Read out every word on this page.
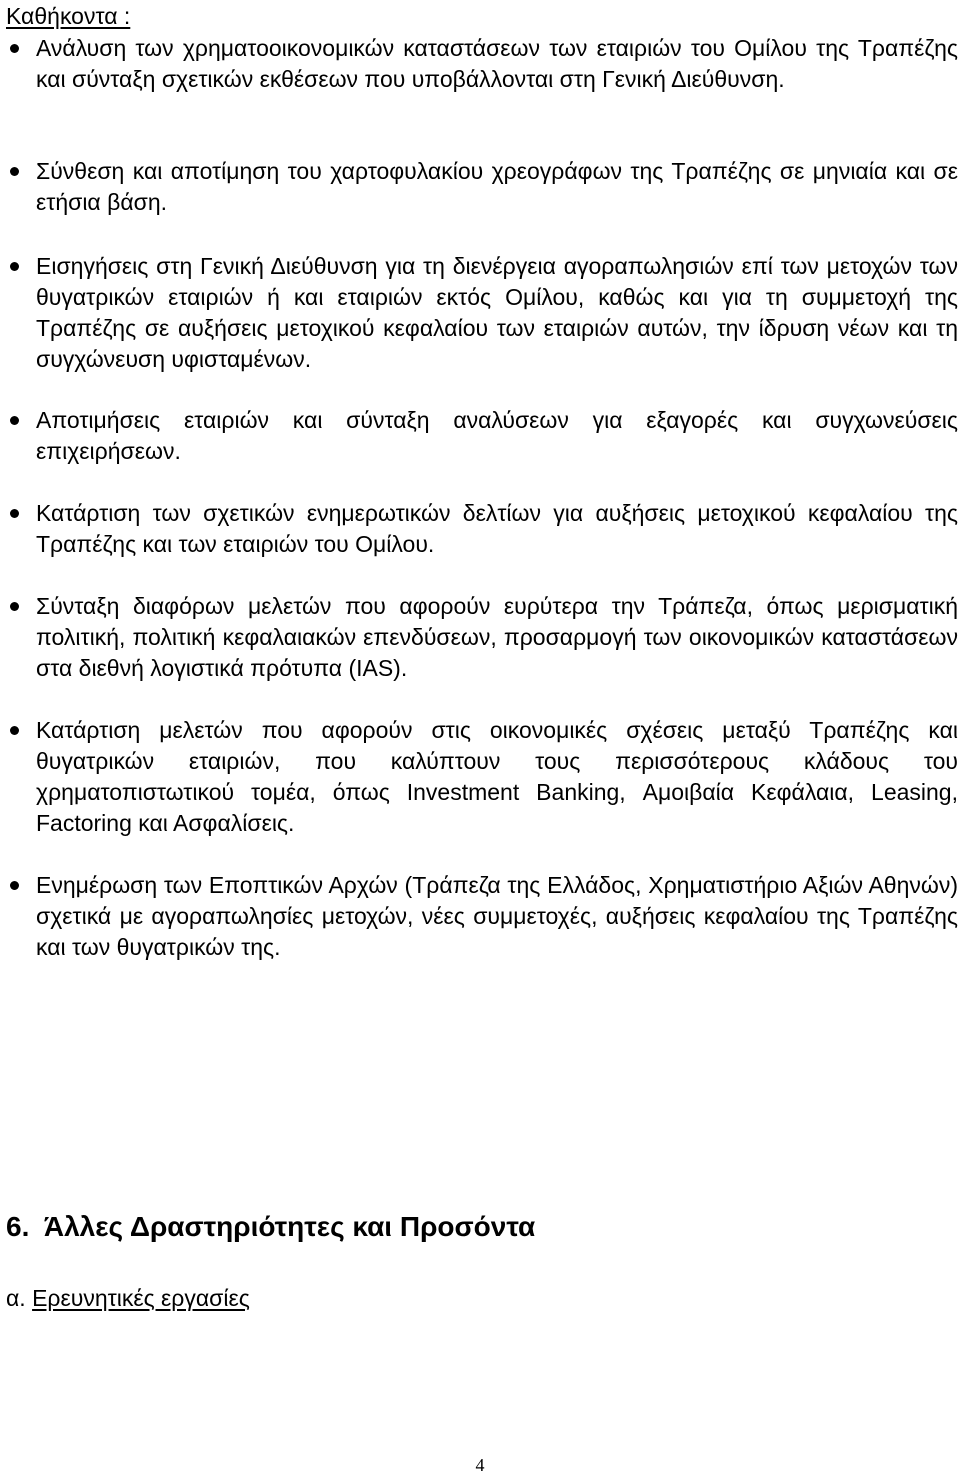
Καθήκοντα :

Ανάλυση των χρηματοοικονομικών καταστάσεων των εταιριών του Ομίλου της Τραπέζης και σύνταξη σχετικών εκθέσεων που υποβάλλονται στη Γενική Διεύθυνση.

Σύνθεση και αποτίμηση του χαρτοφυλακίου χρεογράφων της Τραπέζης σε μηνιαία και σε ετήσια βάση.

Εισηγήσεις στη Γενική Διεύθυνση για τη διενέργεια αγοραπωλησιών επί των μετοχών των θυγατρικών εταιριών ή και εταιριών εκτός Ομίλου, καθώς και για τη συμμετοχή της Τραπέζης σε αυξήσεις μετοχικού κεφαλαίου των εταιριών αυτών, την ίδρυση νέων και τη συγχώνευση υφισταμένων.

Αποτιμήσεις εταιριών και σύνταξη αναλύσεων για εξαγορές και συγχωνεύσεις επιχειρήσεων.

Κατάρτιση των σχετικών ενημερωτικών δελτίων για αυξήσεις μετοχικού κεφαλαίου της Τραπέζης και των εταιριών του Ομίλου.

Σύνταξη διαφόρων μελετών που αφορούν ευρύτερα την Τράπεζα, όπως μερισματική πολιτική, πολιτική κεφαλαιακών επενδύσεων, προσαρμογή των οικονομικών καταστάσεων στα διεθνή λογιστικά πρότυπα (IAS).

Κατάρτιση μελετών που αφορούν στις οικονομικές σχέσεις μεταξύ Τραπέζης και θυγατρικών εταιριών, που καλύπτουν τους περισσότερους κλάδους του χρηματοπιστωτικού τομέα, όπως Investment Banking, Αμοιβαία Κεφάλαια, Leasing, Factoring και Ασφαλίσεις.

Ενημέρωση των Εποπτικών Αρχών (Τράπεζα της Ελλάδος, Χρηματιστήριο Αξιών Αθηνών) σχετικά με αγοραπωλησίες μετοχών, νέες συμμετοχές, αυξήσεις κεφαλαίου της Τραπέζης και των θυγατρικών της.

6. Άλλες Δραστηριότητες και Προσόντα
α. Ερευνητικές εργασίες
4
